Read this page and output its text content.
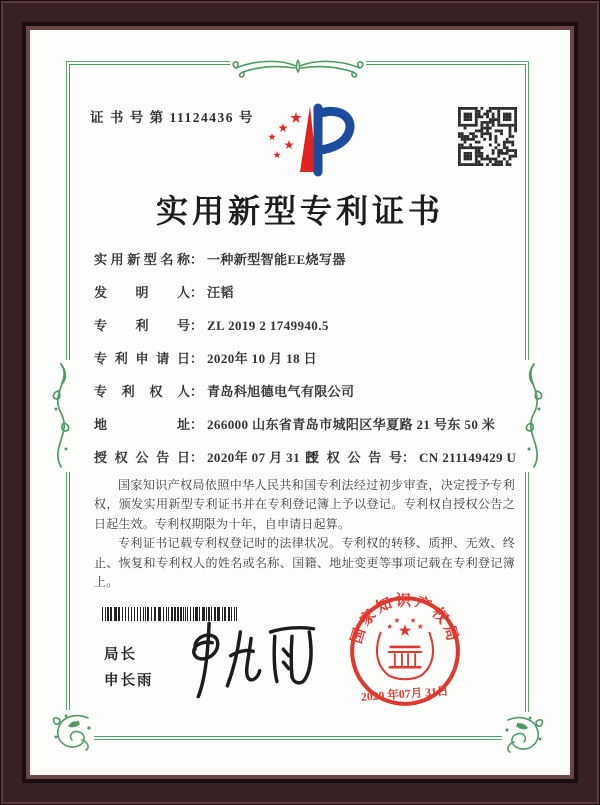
证 书 号 第 11124436 号
实用新型专利证书
实用新型名称： 一种新型智能EE烧写器
发明人： 汪韬
专利号： ZL 2019 2 1749940.5
专利申请日： 2020年 10 月 18 日
专利权人： 青岛科旭德电气有限公司
地址： 266000 山东省青岛市城阳区华夏路 21 号东 50 米
授权公告日： 2020年 07 月 31 日
授权公告号： CN 211149429 U

国家知识产权局依照中华人民共和国专利法经过初步审查，决定授予专利权，颁发实用新型专利证书并在专利登记簿上予以登记。专利权自授权公告之日起生效。专利权期限为十年，自申请日起算。

专利证书记载专利权登记时的法律状况。专利权的转移、质押、无效、终止、恢复和专利权人的姓名或名称、国籍、地址变更等事项记载在专利登记簿上。

局长
申长雨
国家知识产权局
2020 年07月 31日
